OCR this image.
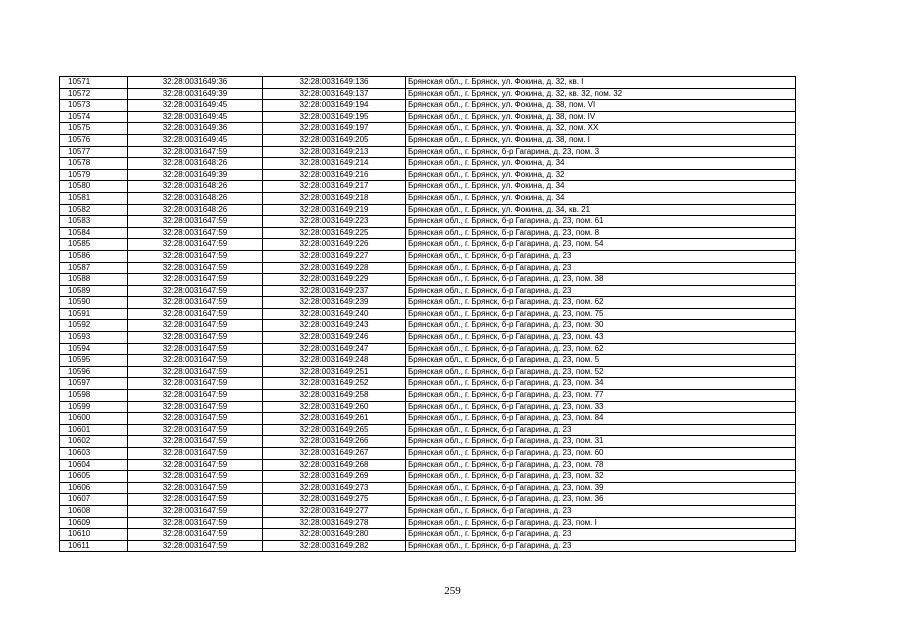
10571	32:28:0031649:36	32:28:0031649:136	Брянская обл., г. Брянск, ул. Фокина, д. 32, кв. I
10572	32:28:0031649:39	32:28:0031649:137	Брянская обл., г. Брянск, ул. Фокина, д. 32, кв. 32, пом. 32
10573	32:28:0031649:45	32:28:0031649:194	Брянская обл., г. Брянск, ул. Фокина, д. 38, пом. VI
10574	32:28:0031649:45	32:28:0031649:195	Брянская обл., г. Брянск, ул. Фокина, д. 38, пом. IV
10575	32:28:0031649:36	32:28:0031649:197	Брянская обл., г. Брянск, ул. Фокина, д. 32, пом. XX
10576	32:28:0031649:45	32:28:0031649:205	Брянская обл., г. Брянск, ул. Фокина, д. 38, пом. I
10577	32:28:0031647:59	32:28:0031649:213	Брянская обл., г. Брянск, б-р Гагарина, д. 23, пом. 3
10578	32:28:0031648:26	32:28:0031649:214	Брянская обл., г. Брянск, ул. Фокина, д. 34
10579	32:28:0031649:39	32:28:0031649:216	Брянская обл., г. Брянск, ул. Фокина, д. 32
10580	32:28:0031648:26	32:28:0031649:217	Брянская обл., г. Брянск, ул. Фокина, д. 34
10581	32:28:0031648:26	32:28:0031649:218	Брянская обл., г. Брянск, ул. Фокина, д. 34
10582	32:28:0031648:26	32:28:0031649:219	Брянская обл., г. Брянск, ул. Фокина, д. 34, кв. 21
10583	32:28:0031647:59	32:28:0031649:223	Брянская обл., г. Брянск, б-р Гагарина, д. 23, пом. 61
10584	32:28:0031647:59	32:28:0031649:225	Брянская обл., г. Брянск, б-р Гагарина, д. 23, пом. 8
10585	32:28:0031647:59	32:28:0031649:226	Брянская обл., г. Брянск, б-р Гагарина, д. 23, пом. 54
10586	32:28:0031647:59	32:28:0031649:227	Брянская обл., г. Брянск, б-р Гагарина, д. 23
10587	32:28:0031647:59	32:28:0031649:228	Брянская обл., г. Брянск, б-р Гагарина, д. 23
10588	32:28:0031647:59	32:28:0031649:229	Брянская обл., г. Брянск, б-р Гагарина, д. 23, пом. 38
10589	32:28:0031647:59	32:28:0031649:237	Брянская обл., г. Брянск, б-р Гагарина, д. 23
10590	32:28:0031647:59	32:28:0031649:239	Брянская обл., г. Брянск, б-р Гагарина, д. 23, пом. 62
10591	32:28:0031647:59	32:28:0031649:240	Брянская обл., г. Брянск, б-р Гагарина, д. 23, пом. 75
10592	32:28:0031647:59	32:28:0031649:243	Брянская обл., г. Брянск, б-р Гагарина, д. 23, пом. 30
10593	32:28:0031647:59	32:28:0031649:246	Брянская обл., г. Брянск, б-р Гагарина, д. 23, пом. 43
10594	32:28:0031647:59	32:28:0031649:247	Брянская обл., г. Брянск, б-р Гагарина, д. 23, пом. 62
10595	32:28:0031647:59	32:28:0031649:248	Брянская обл., г. Брянск, б-р Гагарина, д. 23, пом. 5
10596	32:28:0031647:59	32:28:0031649:251	Брянская обл., г. Брянск, б-р Гагарина, д. 23, пом. 52
10597	32:28:0031647:59	32:28:0031649:252	Брянская обл., г. Брянск, б-р Гагарина, д. 23, пом. 34
10598	32:28:0031647:59	32:28:0031649:258	Брянская обл., г. Брянск, б-р Гагарина, д. 23, пом. 77
10599	32:28:0031647:59	32:28:0031649:260	Брянская обл., г. Брянск, б-р Гагарина, д. 23, пом. 33
10600	32:28:0031647:59	32:28:0031649:261	Брянская обл., г. Брянск, б-р Гагарина, д. 23, пом. 84
10601	32:28:0031647:59	32:28:0031649:265	Брянская обл., г. Брянск, б-р Гагарина, д. 23
10602	32:28:0031647:59	32:28:0031649:266	Брянская обл., г. Брянск, б-р Гагарина, д. 23, пом. 31
10603	32:28:0031647:59	32:28:0031649:267	Брянская обл., г. Брянск, б-р Гагарина, д. 23, пом. 60
10604	32:28:0031647:59	32:28:0031649:268	Брянская обл., г. Брянск, б-р Гагарина, д. 23, пом. 78
10605	32:28:0031647:59	32:28:0031649:269	Брянская обл., г. Брянск, б-р Гагарина, д. 23, пом. 32
10606	32:28:0031647:59	32:28:0031649:273	Брянская обл., г. Брянск, б-р Гагарина, д. 23, пом. 39
10607	32:28:0031647:59	32:28:0031649:275	Брянская обл., г. Брянск, б-р Гагарина, д. 23, пом. 36
10608	32:28:0031647:59	32:28:0031649:277	Брянская обл., г. Брянск, б-р Гагарина, д. 23
10609	32:28:0031647:59	32:28:0031649:278	Брянская обл., г. Брянск, б-р Гагарина, д. 23, пом. I
10610	32:28:0031647:59	32:28:0031649:280	Брянская обл., г. Брянск, б-р Гагарина, д. 23
10611	32:28:0031647:59	32:28:0031649:282	Брянская обл., г. Брянск, б-р Гагарина, д. 23
259
